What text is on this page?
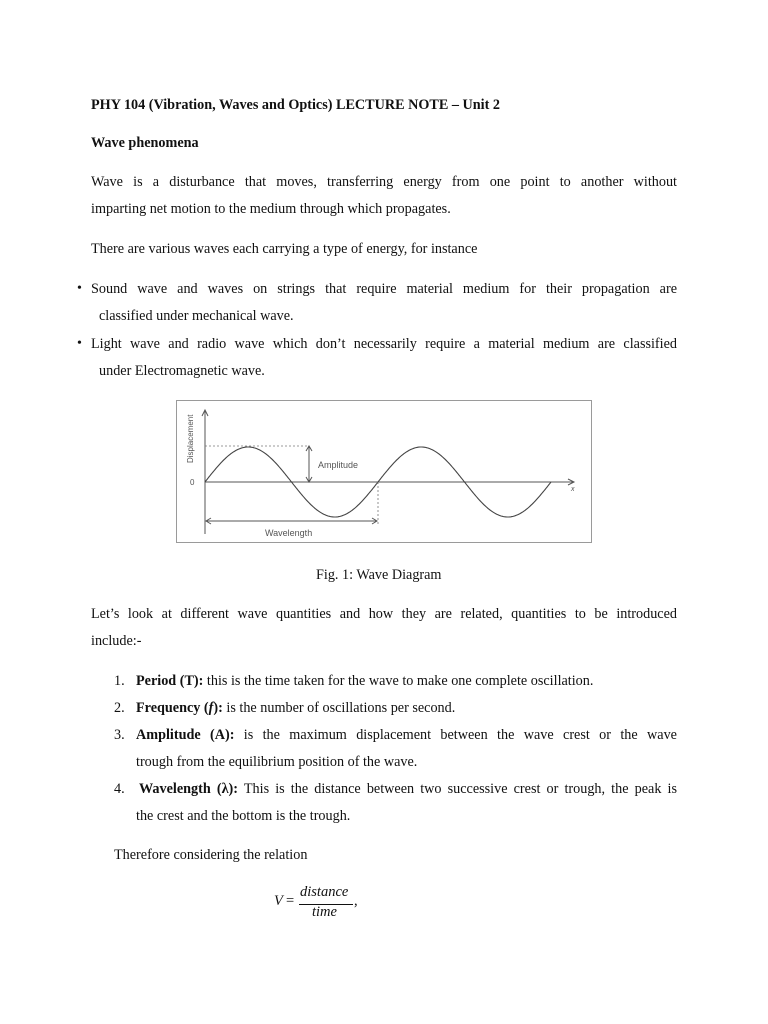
PHY 104 (Vibration, Waves and Optics) LECTURE NOTE – Unit 2
Wave phenomena
Wave is a disturbance that moves, transferring energy from one point to another without
imparting net motion to the medium through which propagates.
There are various waves each carrying a type of energy, for instance
• Sound wave and waves on strings that require material medium for their propagation are
classified under mechanical wave.
• Light wave and radio wave which don’t necessarily require a material medium are classified
under Electromagnetic wave.
x
Displacement
0
Amplitude
Wavelength
Fig. 1: Wave Diagram
Let’s look at different wave quantities and how they are related, quantities to be introduced
include:-
1. Period (T): this is the time taken for the wave to make one complete oscillation.
2. Frequency (f): is the number of oscillations per second.
3. Amplitude (A): is the maximum displacement between the wave crest or the wave
trough from the equilibrium position of the wave.
4. Wavelength (λ): This is the distance between two successive crest or trough, the peak is
the crest and the bottom is the trough.
Therefore considering the relation
V =
distance
time
,
